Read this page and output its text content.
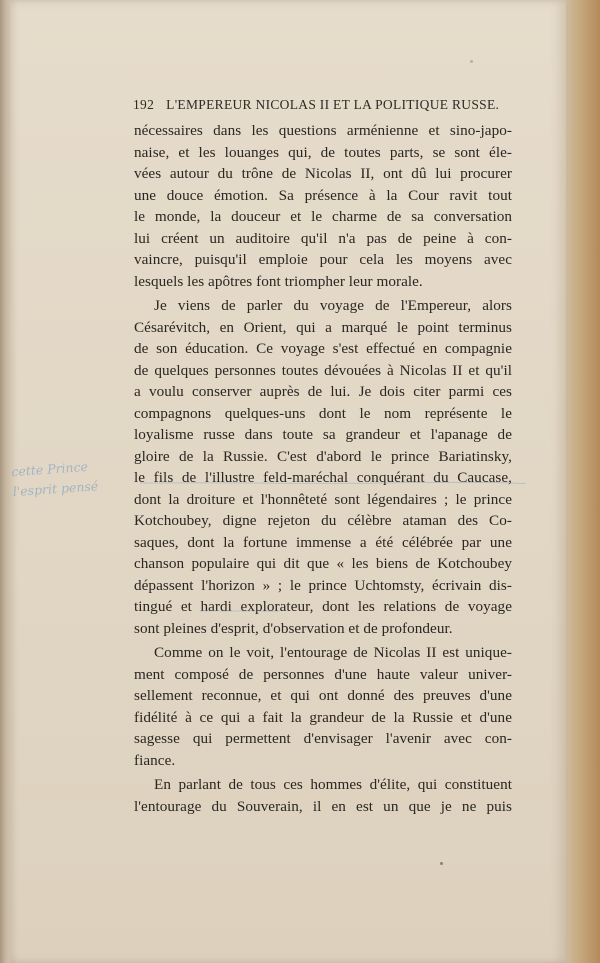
192 L'EMPEREUR NICOLAS II ET LA POLITIQUE RUSSE.
nécessaires dans les questions arménienne et sino-japo-
naise, et les louanges qui, de toutes parts, se sont éle-
vées autour du trône de Nicolas II, ont dû lui procurer
une douce émotion. Sa présence à la Cour ravit tout
le monde, la douceur et le charme de sa conversation
lui créent un auditoire qu'il n'a pas de peine à con-
vaincre, puisqu'il emploie pour cela les moyens avec
lesquels les apôtres font triompher leur morale.
Je viens de parler du voyage de l'Empereur, alors
Césarévitch, en Orient, qui a marqué le point terminus
de son éducation. Ce voyage s'est effectué en compagnie
de quelques personnes toutes dévouées à Nicolas II et qu'il
a voulu conserver auprès de lui. Je dois citer parmi ces
compagnons quelques-uns dont le nom représente le
loyalisme russe dans toute sa grandeur et l'apanage de
gloire de la Russie. C'est d'abord le prince Bariatinsky,
le fils de l'illustre feld-maréchal conquérant du Caucase,
dont la droiture et l'honnêteté sont légendaires ; le prince
Kotchoubey, digne rejeton du célèbre ataman des Co-
saques, dont la fortune immense a été célébrée par une
chanson populaire qui dit que « les biens de Kotchoubey
dépassent l'horizon » ; le prince Uchtomsty, écrivain dis-
tingué et hardi explorateur, dont les relations de voyage
sont pleines d'esprit, d'observation et de profondeur.
Comme on le voit, l'entourage de Nicolas II est unique-
ment composé de personnes d'une haute valeur univer-
sellement reconnue, et qui ont donné des preuves d'une
fidélité à ce qui a fait la grandeur de la Russie et d'une
sagesse qui permettent d'envisager l'avenir avec con-
fiance.
En parlant de tous ces hommes d'élite, qui constituent
l'entourage du Souverain, il en est un que je ne puis
cette Prince
l'esprit pensé
